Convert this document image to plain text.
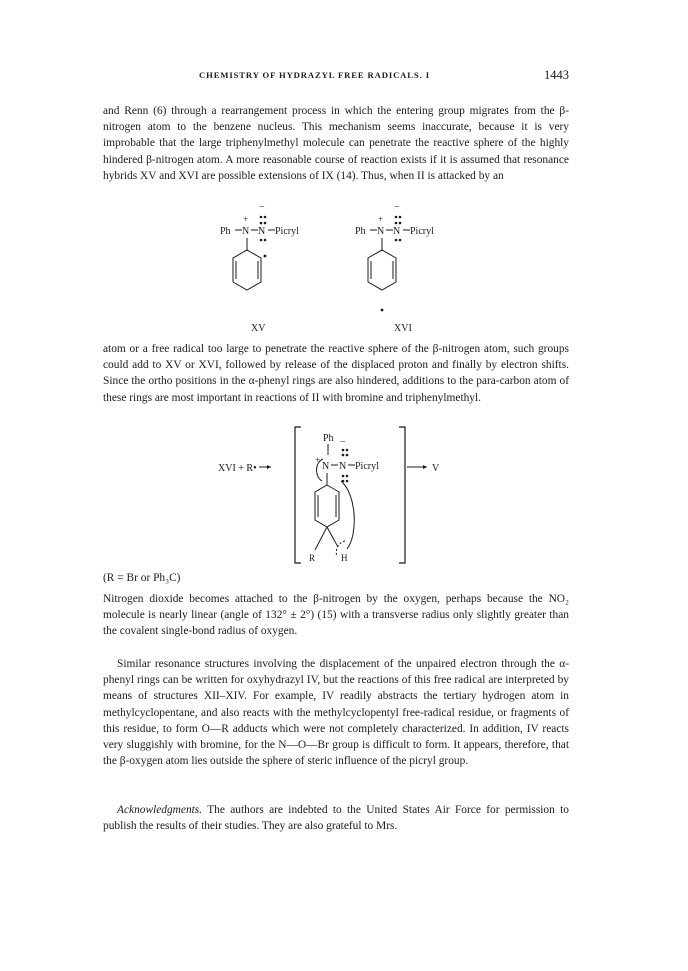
CHEMISTRY OF HYDRAZYL FREE RADICALS. I	1443

and Renn (6) through a rearrangement process in which the entering group migrates from the β-nitrogen atom to the benzene nucleus. This mechanism seems inaccurate, because it is very improbable that the large triphenylmethyl molecule can penetrate the reactive sphere of the highly hindered β-nitrogen atom. A more reasonable course of reaction exists if it is assumed that resonance hybrids XV and XVI are possible extensions of IX (14). Thus, when II is attacked by an

Ph N
+
N
−
Picryl
XV
Ph N
+
N
−
Picryl
XVI

atom or a free radical too large to penetrate the reactive sphere of the β-nitrogen atom, such groups could add to XV or XVI, followed by release of the displaced proton and finally by electron shifts. Since the ortho positions in the α-phenyl rings are also hindered, additions to the para-carbon atom of these rings are most important in reactions of II with bromine and triphenylmethyl.

XVI + R•
Ph −
+
N N Picryl
R	H
V

(R = Br or Ph₃C)

Nitrogen dioxide becomes attached to the β-nitrogen by the oxygen, perhaps because the NO₂ molecule is nearly linear (angle of 132° ± 2°) (15) with a transverse radius only slightly greater than the covalent single-bond radius of oxygen.

Similar resonance structures involving the displacement of the unpaired electron through the α-phenyl rings can be written for oxyhydrazyl IV, but the reactions of this free radical are interpreted by means of structures XII–XIV. For example, IV readily abstracts the tertiary hydrogen atom in methylcyclopentane, and also reacts with the methylcyclopentyl free-radical residue, or fragments of this residue, to form O—R adducts which were not completely characterized. In addition, IV reacts very sluggishly with bromine, for the N—O—Br group is difficult to form. It appears, therefore, that the β-oxygen atom lies outside the sphere of steric influence of the picryl group.

Acknowledgments. The authors are indebted to the United States Air Force for permission to publish the results of their studies. They are also grateful to Mrs.
